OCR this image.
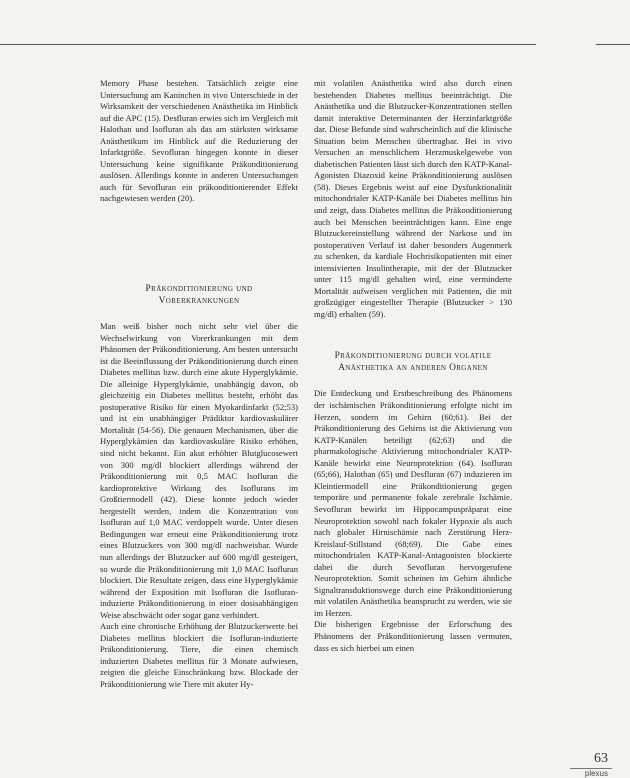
Memory Phase bestehen. Tatsächlich zeigte eine Untersuchung am Kaninchen in vivo Unterschiede in der Wirksamkeit der verschiedenen Anästhetika im Hinblick auf die APC (15). Desfluran erwies sich im Vergleich mit Halothan und Isofluran als das am stärksten wirksame Anästhetikum im Hinblick auf die Reduzierung der Infarktgröße. Sevofluran hingegen konnte in dieser Untersuchung keine signifikante Präkonditionierung auslösen. Allerdings konnte in anderen Untersuchungen auch für Sevofluran ein präkonditionierender Effekt nachgewiesen werden (20).

Präkonditionierung und
Vorerkrankungen

Man weiß bisher noch nicht sehr viel über die Wechselwirkung von Vorerkrankungen mit dem Phänomen der Präkonditionierung. Am besten untersucht ist die Beeinflussung der Präkonditionierung durch einen Diabetes mellitus bzw. durch eine akute Hyperglykämie. Die alleinige Hyperglykämie, unabhängig davon, ob gleichzeitig ein Diabetes mellitus besteht, erhöht das postoperative Risiko für einen Myokardinfarkt (52;53) und ist ein unabhängiger Prädiktor kardiovaskulärer Mortalität (54-56). Die genauen Mechanismen, über die Hyperglykämien das kardiovaskuläre Risiko erhöhen, sind nicht bekannt. Ein akut erhöhter Blutglucosewert von 300 mg/dl blockiert allerdings während der Präkonditionierung mit 0,5 MAC Isofluran die kardioprotektive Wirkung des Isoflurans im Großtiermodell (42). Diese konnte jedoch wieder hergestellt werden, indem die Konzentration von Isofluran auf 1,0 MAC verdoppelt wurde. Unter diesen Bedingungen war erneut eine Präkonditionierung trotz eines Blutzuckers von 300 mg/dl nachweisbar. Wurde nun allerdings der Blutzucker auf 600 mg/dl gesteigert, so wurde die Präkonditionierung mit 1,0 MAC Isofluran blockiert. Die Resultate zeigen, dass eine Hyperglykämie während der Exposition mit Isofluran die Isofluran-induzierte Präkonditionierung in einer dosisabhängigen Weise abschwächt oder sogar ganz verhindert.

Auch eine chronische Erhöhung der Blutzuckerwerte bei Diabetes mellitus blockiert die Isofluran-induzierte Präkonditionierung. Tiere, die einen chemisch induzierten Diabetes mellitus für 3 Monate aufwiesen, zeigten die gleiche Einschränkung bzw. Blockade der Präkonditionierung wie Tiere mit akuter Hy-

mit volatilen Anästhetika wird also durch einen bestehenden Diabetes mellitus beeinträchtigt. Die Anästhetika und die Blutzucker-Konzentrationen stellen damit interaktive Determinanten der Herzinfarktgröße dar. Diese Befunde sind wahrscheinlich auf die klinische Situation beim Menschen übertragbar. Bei in vivo Versuchen an menschlichem Herzmuskelgewebe von diabetischen Patienten lässt sich durch den KATP-Kanal-Agonisten Diazoxid keine Präkonditionierung auslösen (58). Dieses Ergebnis weist auf eine Dysfunktionalität mitochondrialer KATP-Kanäle bei Diabetes mellitus hin und zeigt, dass Diabetes mellitus die Präkonditionierung auch bei Menschen beeinträchtigen kann. Eine enge Blutzuckereinstellung während der Narkose und im postoperativen Verlauf ist daher besonders Augenmerk zu schenken, da kardiale Hochrisikopatienten mit einer intensivierten Insulintherapie, mit der der Blutzucker unter 115 mg/dl gehalten wird, eine verminderte Mortalität aufweisen verglichen mit Patienten, die mit großzügiger eingestellter Therapie (Blutzucker > 130 mg/dl) erhalten (59).

Präkonditionierung durch volatile
Anästhetika an anderen Organen

Die Entdeckung und Erstbeschreibung des Phänomens der ischämischen Präkonditionierung erfolgte nicht im Herzen, sondern im Gehirn (60;61). Bei der Präkonditionierung des Gehirns ist die Aktivierung von KATP-Kanälen beteiligt (62;63) und die pharmakologische Aktivierung mitochondrialer KATP-Kanäle bewirkt eine Neuroprotektion (64). Isofluran (65;66), Halothan (65) und Desfluran (67) induzieren im Kleintiermodell eine Präkonditionierung gegen temporäre und permanente fokale zerebrale Ischämie. Sevofluran bewirkt im Hippocampuspräparat eine Neuroprotektion sowohl nach fokaler Hypoxie als auch nach globaler Hirnischämie nach Zerstörung Herz-Kreislauf-Stillstand (68;69). Die Gabe eines mitochondrialen KATP-Kanal-Antagonisten blockierte dabei die durch Sevofluran hervorgerufene Neuroprotektion. Somit scheinen im Gehirn ähnliche Signaltransduktionswege durch eine Präkonditionierung mit volatilen Anästhetika beansprucht zu werden, wie sie im Herzen.

Die bisherigen Ergebnisse der Erforschung des Phänomens der Präkonditionierung lassen vermuten, dass es sich hierbei um einen

63
plexus
